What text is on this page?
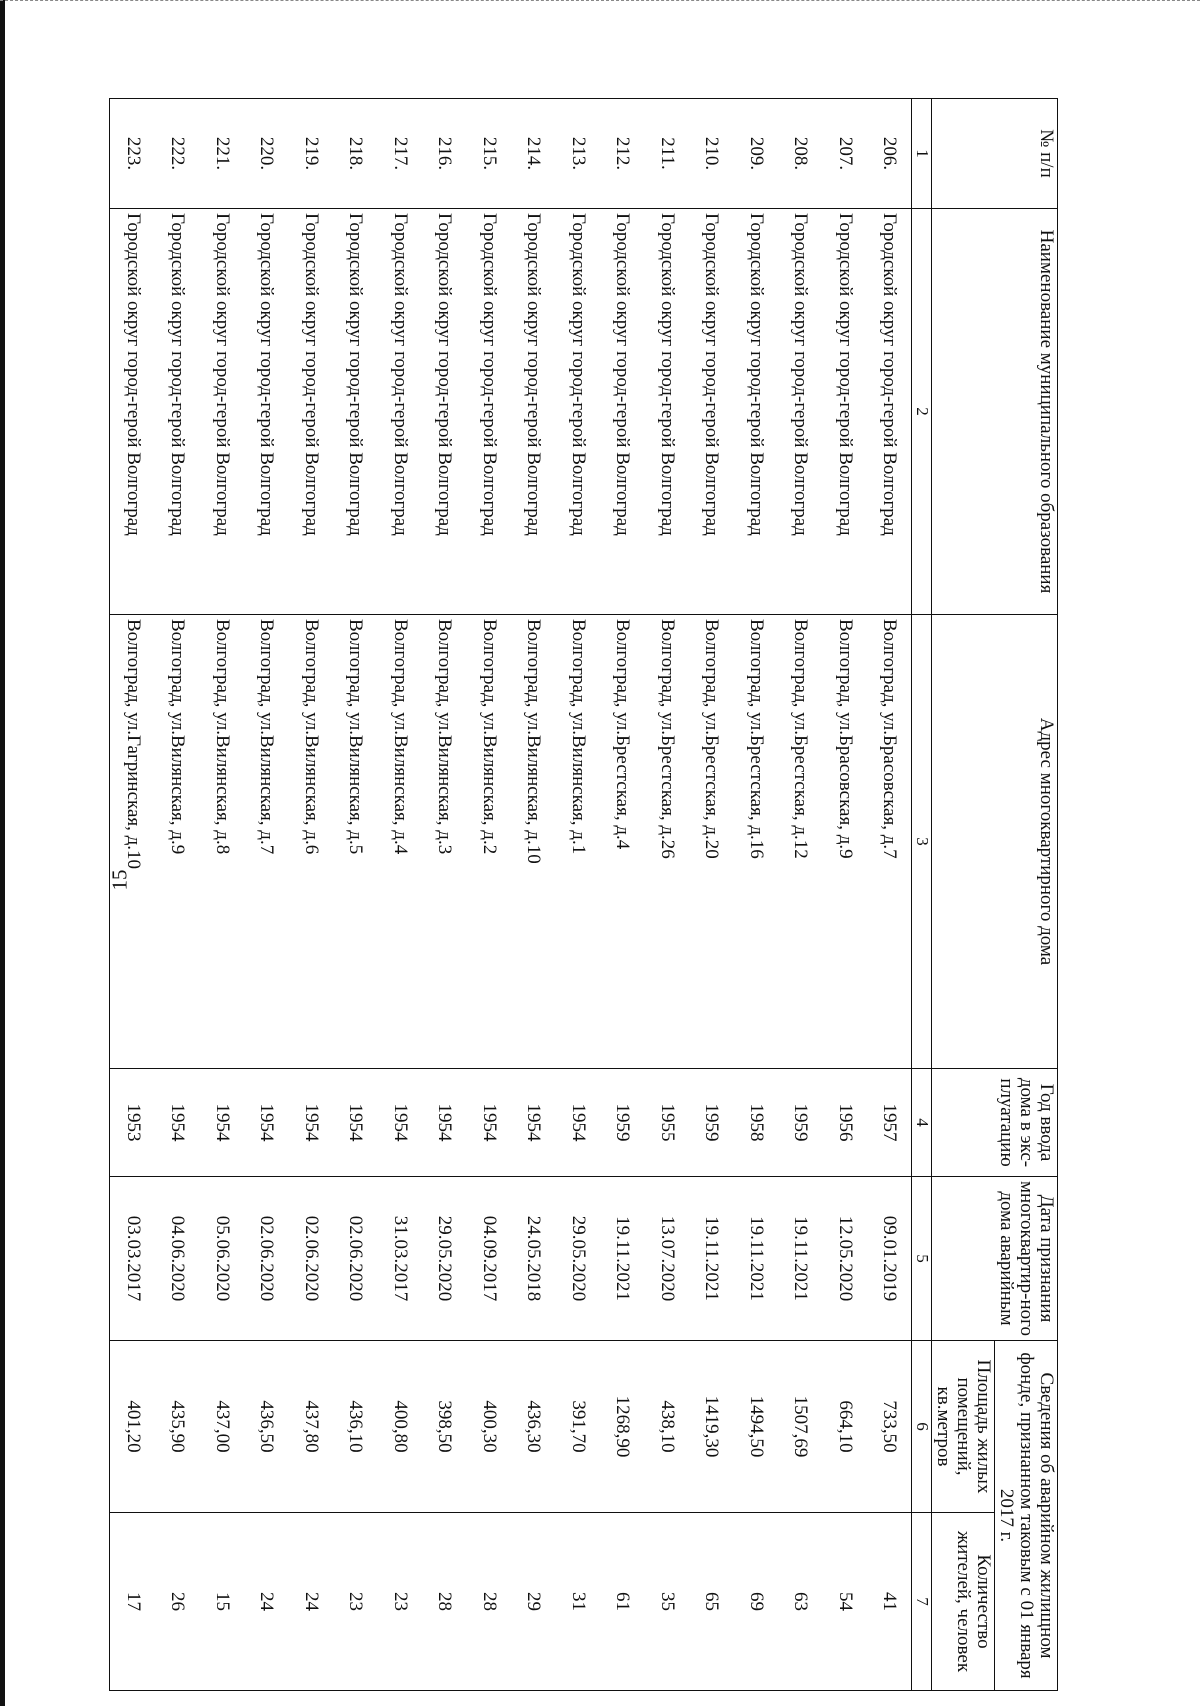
15
№ п/п	Наименование муниципального образования	Адрес многоквартирного дома	Год ввода дома в экс-плуатацию	Дата признания многоквартир-ного дома аварийным	Сведения об аварийном жилищном фонде, признанном таковым с 01 января 2017 г.	
					Площадь жилых помещений, кв.метров	Количество жителей, человек
1	2	3	4	5	6	7
206.	Городской округ город-герой Волгоград	Волгоград, ул.Брасовская, д.7	1957	09.01.2019	733,50	41
207.	Городской округ город-герой Волгоград	Волгоград, ул.Брасовская, д.9	1956	12.05.2020	664,10	54
208.	Городской округ город-герой Волгоград	Волгоград, ул.Брестская, д.12	1959	19.11.2021	1507,69	63
209.	Городской округ город-герой Волгоград	Волгоград, ул.Брестская, д.16	1958	19.11.2021	1494,50	69
210.	Городской округ город-герой Волгоград	Волгоград, ул.Брестская, д.20	1959	19.11.2021	1419,30	65
211.	Городской округ город-герой Волгоград	Волгоград, ул.Брестская, д.26	1955	13.07.2020	438,10	35
212.	Городской округ город-герой Волгоград	Волгоград, ул.Брестская, д.4	1959	19.11.2021	1268,90	61
213.	Городской округ город-герой Волгоград	Волгоград, ул.Вилянская, д.1	1954	29.05.2020	391,70	31
214.	Городской округ город-герой Волгоград	Волгоград, ул.Вилянская, д.10	1954	24.05.2018	436,30	29
215.	Городской округ город-герой Волгоград	Волгоград, ул.Вилянская, д.2	1954	04.09.2017	400,30	28
216.	Городской округ город-герой Волгоград	Волгоград, ул.Вилянская, д.3	1954	29.05.2020	398,50	28
217.	Городской округ город-герой Волгоград	Волгоград, ул.Вилянская, д.4	1954	31.03.2017	400,80	23
218.	Городской округ город-герой Волгоград	Волгоград, ул.Вилянская, д.5	1954	02.06.2020	436,10	23
219.	Городской округ город-герой Волгоград	Волгоград, ул.Вилянская, д.6	1954	02.06.2020	437,80	24
220.	Городской округ город-герой Волгоград	Волгоград, ул.Вилянская, д.7	1954	02.06.2020	436,50	24
221.	Городской округ город-герой Волгоград	Волгоград, ул.Вилянская, д.8	1954	05.06.2020	437,00	15
222.	Городской округ город-герой Волгоград	Волгоград, ул.Вилянская, д.9	1954	04.06.2020	435,90	26
223.	Городской округ город-герой Волгоград	Волгоград, ул.Гагринская, д.10	1953	03.03.2017	401,20	17
